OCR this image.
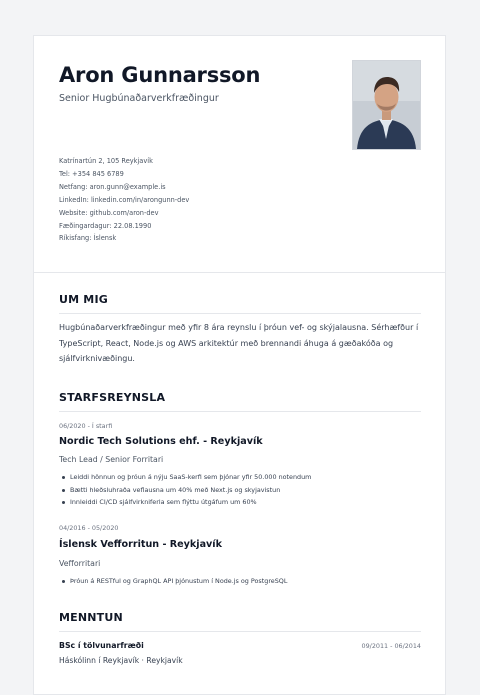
Aron Gunnarsson
Senior Hugbúnaðarverkfræðingur
Katrínartún 2, 105 Reykjavík
Tel: +354 845 6789
Netfang: aron.gunn@example.is
LinkedIn: linkedin.com/in/arongunn-dev
Website: github.com/aron-dev
Fæðingardagur: 22.08.1990
Ríkisfang: Íslensk
UM MIG
Hugbúnaðarverkfræðingur með yfir 8 ára reynslu í þróun vef- og skýjalausna. Sérhæfður í TypeScript, React, Node.js og AWS arkitektúr með brennandi áhuga á gæðakóða og sjálfvirknivæðingu.
STARFSREYNSLA
06/2020 - Í starfi
Nordic Tech Solutions ehf. - Reykjavík
Tech Lead / Senior Forritari
Leiddi hönnun og þróun á nýju SaaS-kerfi sem þjónar yfir 50.000 notendum
Bætti hleðsluhraða veflausna um 40% með Next.js og skyjavistun
Innleiddi CI/CD sjálfvirkniferla sem flýttu útgáfum um 60%
04/2016 - 05/2020
Íslensk Vefforritun - Reykjavík
Vefforritari
Þróun á RESTful og GraphQL API þjónustum í Node.js og PostgreSQL
MENNTUN
BSc í tölvunarfræði	09/2011 - 06/2014
Háskólinn í Reykjavík · Reykjavík
